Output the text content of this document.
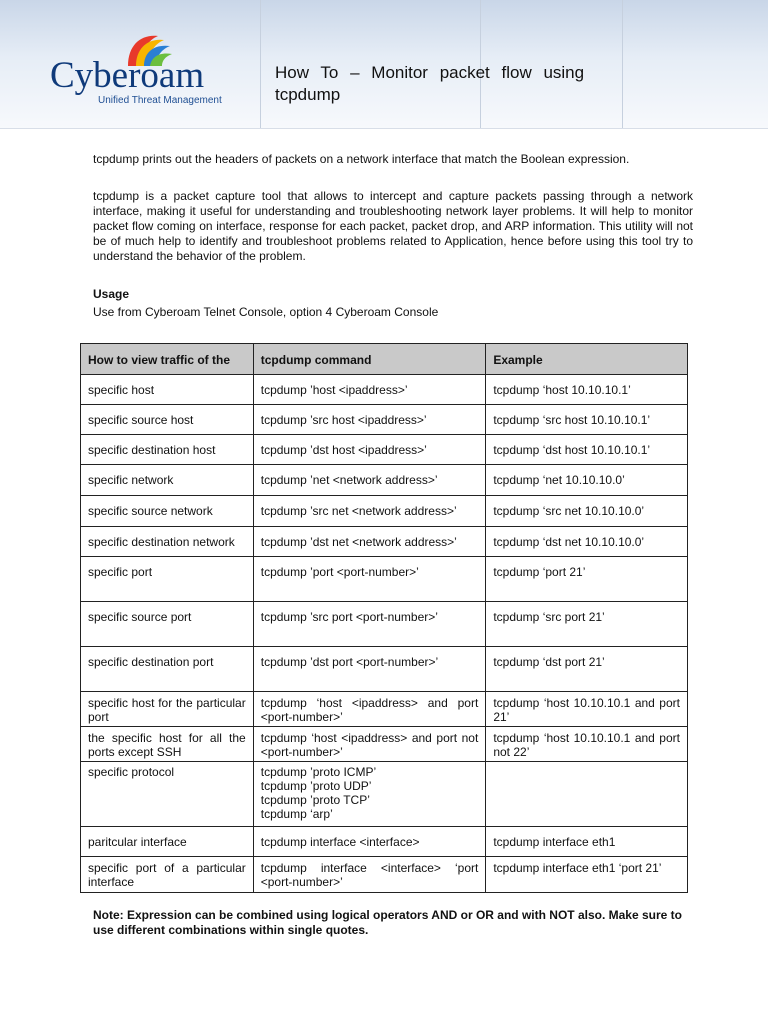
Cyberoam
Unified Threat Management
How To – Monitor packet flow using
tcpdump

tcpdump prints out the headers of packets on a network interface that match the Boolean expression.

tcpdump is a packet capture tool that allows to intercept and capture packets passing through a network interface, making it useful for understanding and troubleshooting network layer problems. It will help to monitor packet flow coming on interface, response for each packet, packet drop, and ARP information. This utility will not be of much help to identify and troubleshoot problems related to Application, hence before using this tool try to understand the behavior of the problem.

Usage
Use from Cyberoam Telnet Console, option 4 Cyberoam Console
How to view traffic of the	tcpdump command	Example
specific host	tcpdump ’host <ipaddress>’	tcpdump ‘host 10.10.10.1’
specific source host	tcpdump ’src host <ipaddress>’	tcpdump ‘src host 10.10.10.1’
specific destination host	tcpdump ’dst host <ipaddress>’	tcpdump ‘dst host 10.10.10.1’
specific network	tcpdump ’net <network address>’	tcpdump ‘net 10.10.10.0’
specific source network	tcpdump ’src net <network address>’	tcpdump ‘src net 10.10.10.0’
specific destination network	tcpdump ’dst net <network address>’	tcpdump ‘dst net 10.10.10.0’
specific port	tcpdump ’port <port-number>’	tcpdump ‘port 21’
specific source port	tcpdump ’src port <port-number>’	tcpdump ‘src port 21’
specific destination port	tcpdump ’dst port <port-number>’	tcpdump ‘dst port 21’
specific host for the particular port	tcpdump ‘host <ipaddress> and port <port-number>’	tcpdump ‘host 10.10.10.1 and port 21’
the specific host for all the ports except SSH	tcpdump ‘host <ipaddress> and port not <port-number>’	tcpdump ‘host 10.10.10.1 and port not 22’
specific protocol	tcpdump ’proto ICMP’
tcpdump ’proto UDP’
tcpdump ’proto TCP’
tcpdump ‘arp’	
paritcular interface	tcpdump interface <interface>	tcpdump interface eth1
specific port of a particular interface	tcpdump interface <interface> ‘port <port-number>’	tcpdump interface eth1 ‘port 21’
Note: Expression can be combined using logical operators AND or OR and with NOT also. Make sure to use different combinations within single quotes.
